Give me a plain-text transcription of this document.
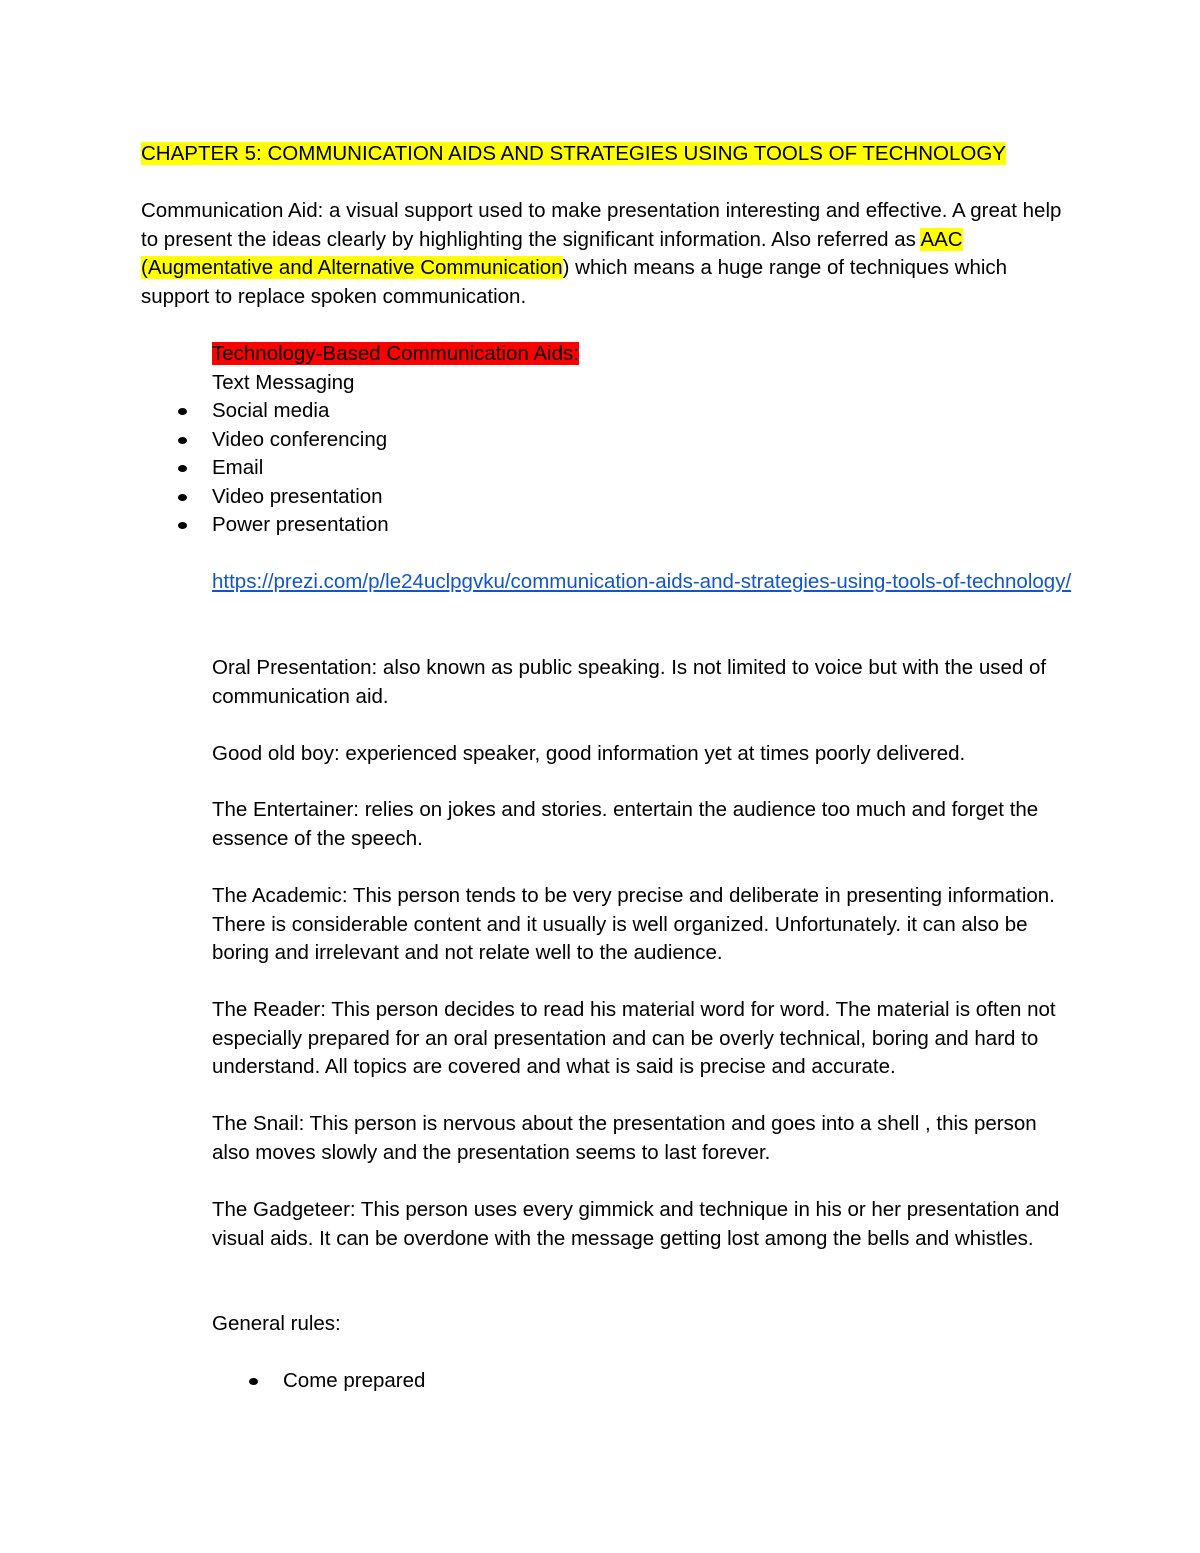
CHAPTER 5: COMMUNICATION AIDS AND STRATEGIES USING TOOLS OF TECHNOLOGY

Communication Aid: a visual support used to make presentation interesting and effective. A great help to present the ideas clearly by highlighting the significant information. Also referred as AAC (Augmentative and Alternative Communication) which means a huge range of techniques which support to replace spoken communication.

Technology-Based Communication Aids:

Text Messaging

Social media
Video conferencing
Email
Video presentation
Power presentation

https://prezi.com/p/le24uclpgvku/communication-aids-and-strategies-using-tools-of-technology/

Oral Presentation: also known as public speaking. Is not limited to voice but with the used of communication aid.

Good old boy: experienced speaker, good information yet at times poorly delivered.

The Entertainer: relies on jokes and stories. entertain the audience too much and forget the essence of the speech.

The Academic: This person tends to be very precise and deliberate in presenting information. There is considerable content and it usually is well organized. Unfortunately. it can also be boring and irrelevant and not relate well to the audience.

The Reader: This person decides to read his material word for word. The material is often not especially prepared for an oral presentation and can be overly technical, boring and hard to understand. All topics are covered and what is said is precise and accurate.

The Snail: This person is nervous about the presentation and goes into a shell , this person also moves slowly and the presentation seems to last forever.

The Gadgeteer: This person uses every gimmick and technique in his or her presentation and visual aids. It can be overdone with the message getting lost among the bells and whistles.

General rules:

Come prepared
